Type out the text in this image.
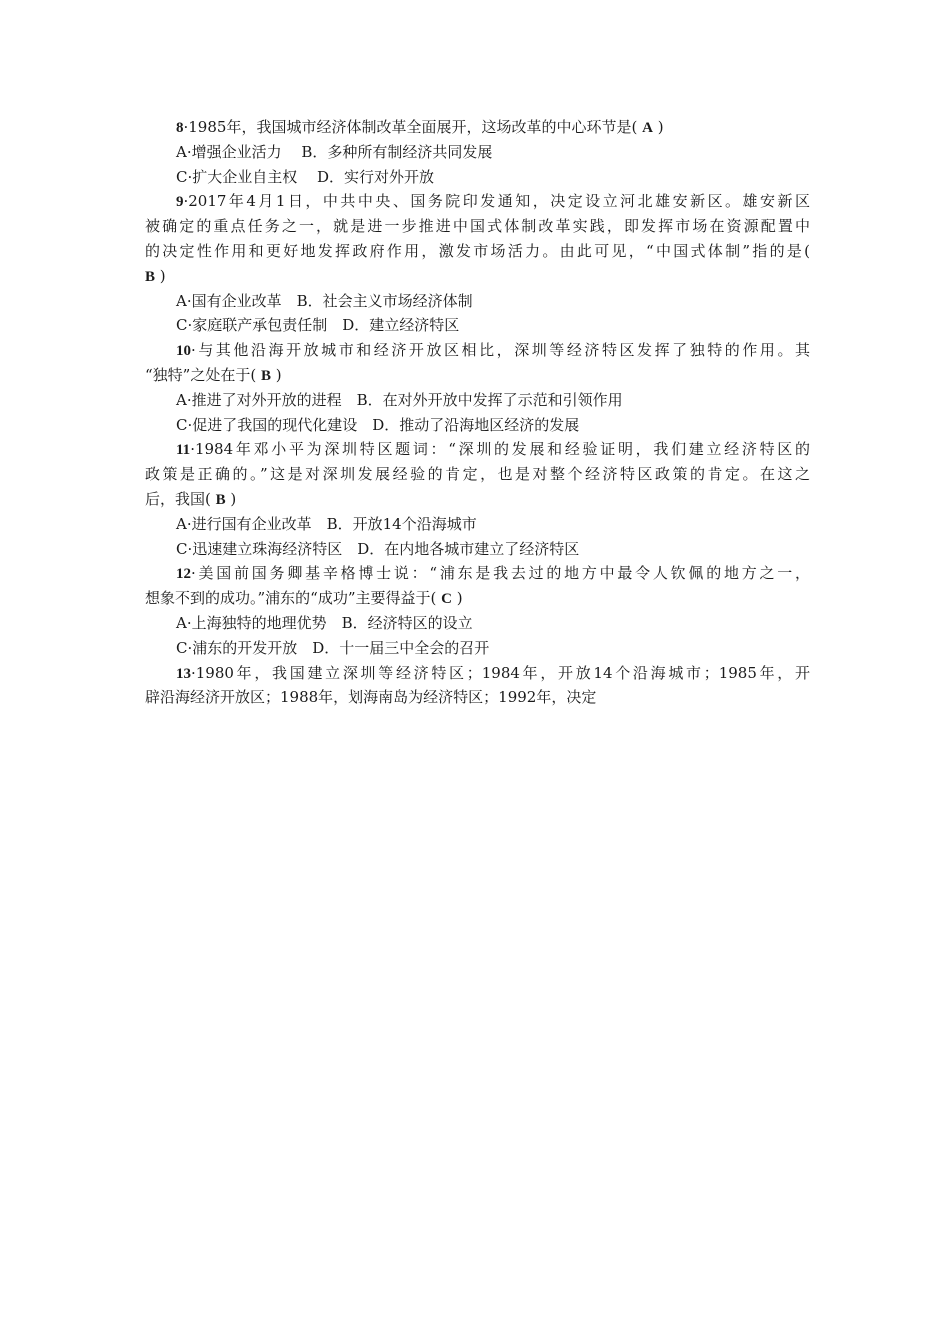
8·1985年，我国城市经济体制改革全面展开，这场改革的中心环节是( A )
A·增强企业活力　 B．多种所有制经济共同发展
C·扩大企业自主权　 D．实行对外开放
9·2017年4月1日，中共中央、国务院印发通知，决定设立河北雄安新区。雄安新区
被确定的重点任务之一，就是进一步推进中国式体制改革实践，即发挥市场在资源配置中
的决定性作用和更好地发挥政府作用，激发市场活力。由此可见，“中国式体制”指的是(
B )
A·国有企业改革　B．社会主义市场经济体制
C·家庭联产承包责任制　D．建立经济特区
10·与其他沿海开放城市和经济开放区相比，深圳等经济特区发挥了独特的作用。其
“独特”之处在于( B )
A·推进了对外开放的进程　B．在对外开放中发挥了示范和引领作用
C·促进了我国的现代化建设　D．推动了沿海地区经济的发展
11·1984年邓小平为深圳特区题词：“深圳的发展和经验证明，我们建立经济特区的
政策是正确的。”这是对深圳发展经验的肯定，也是对整个经济特区政策的肯定。在这之
后，我国( B )
A·进行国有企业改革　B．开放14个沿海城市
C·迅速建立珠海经济特区　D．在内地各城市建立了经济特区
12·美国前国务卿基辛格博士说：“浦东是我去过的地方中最令人钦佩的地方之一，
想象不到的成功。”浦东的“成功”主要得益于( C )
A·上海独特的地理优势　B．经济特区的设立
C·浦东的开发开放　D．十一届三中全会的召开
13·1980年，我国建立深圳等经济特区；1984年，开放14个沿海城市；1985年，开
辟沿海经济开放区；1988年，划海南岛为经济特区；1992年，决定
